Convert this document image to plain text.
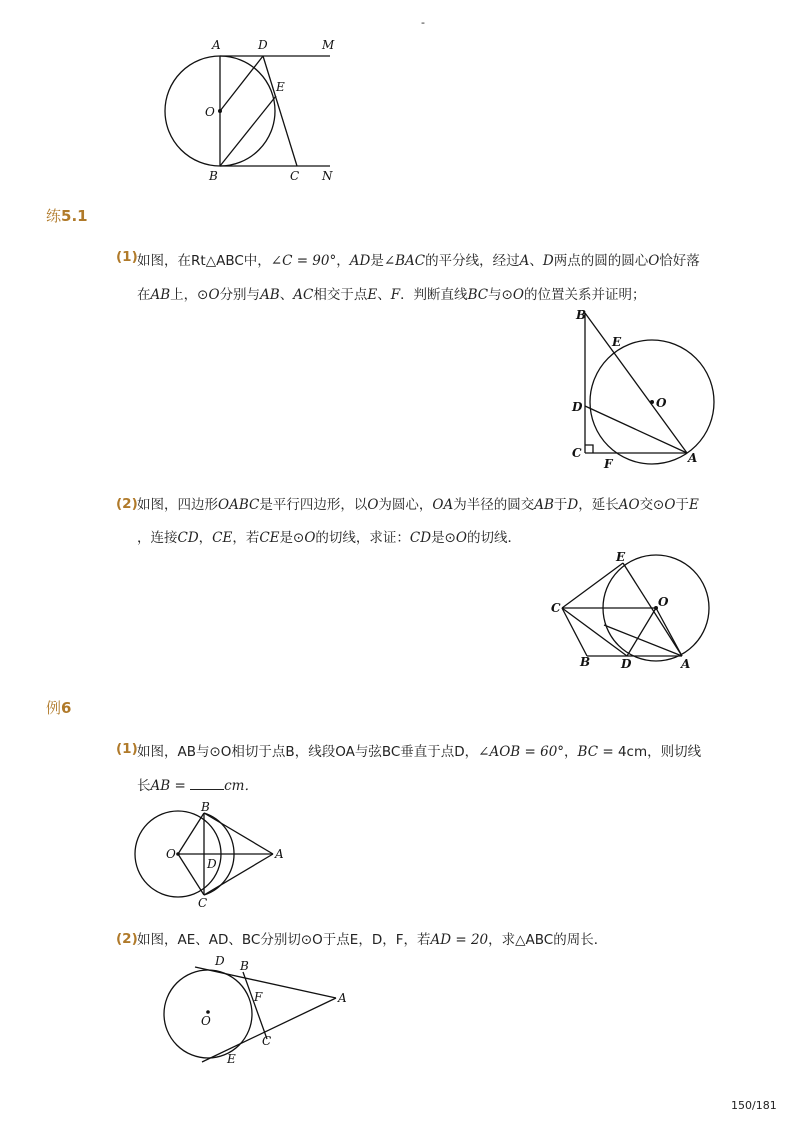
-
A	D	M
E
O
B	C N
练5.1
(1) 如图，在Rt△ABC中，∠C = 90°，AD是∠BAC的平分线，经过A、D两点的圆的圆心O恰好落
在AB上，⊙O分别与AB、AC相交于点E、F．判断直线BC与⊙O的位置关系并证明；
B
E
D	O
C
F	A
(2) 如图，四边形OABC是平行四边形，以O为圆心，OA为半径的圆交AB于D，延长AO交⊙O于E
，连接CD，CE，若CE是⊙O的切线，求证：CD是⊙O的切线．
E
C	O
B	D	A
例6
(1) 如图，AB与⊙O相切于点B，线段OA与弦BC垂直于点D，∠AOB = 60°，BC = 4cm，则切线
长AB =	cm．
B
O
D
A
C
(2) 如图，AE、AD、BC分别切⊙O于点E，D，F，若AD = 20，求△ABC的周长．
D B
F	A
O
C
E
150/181
